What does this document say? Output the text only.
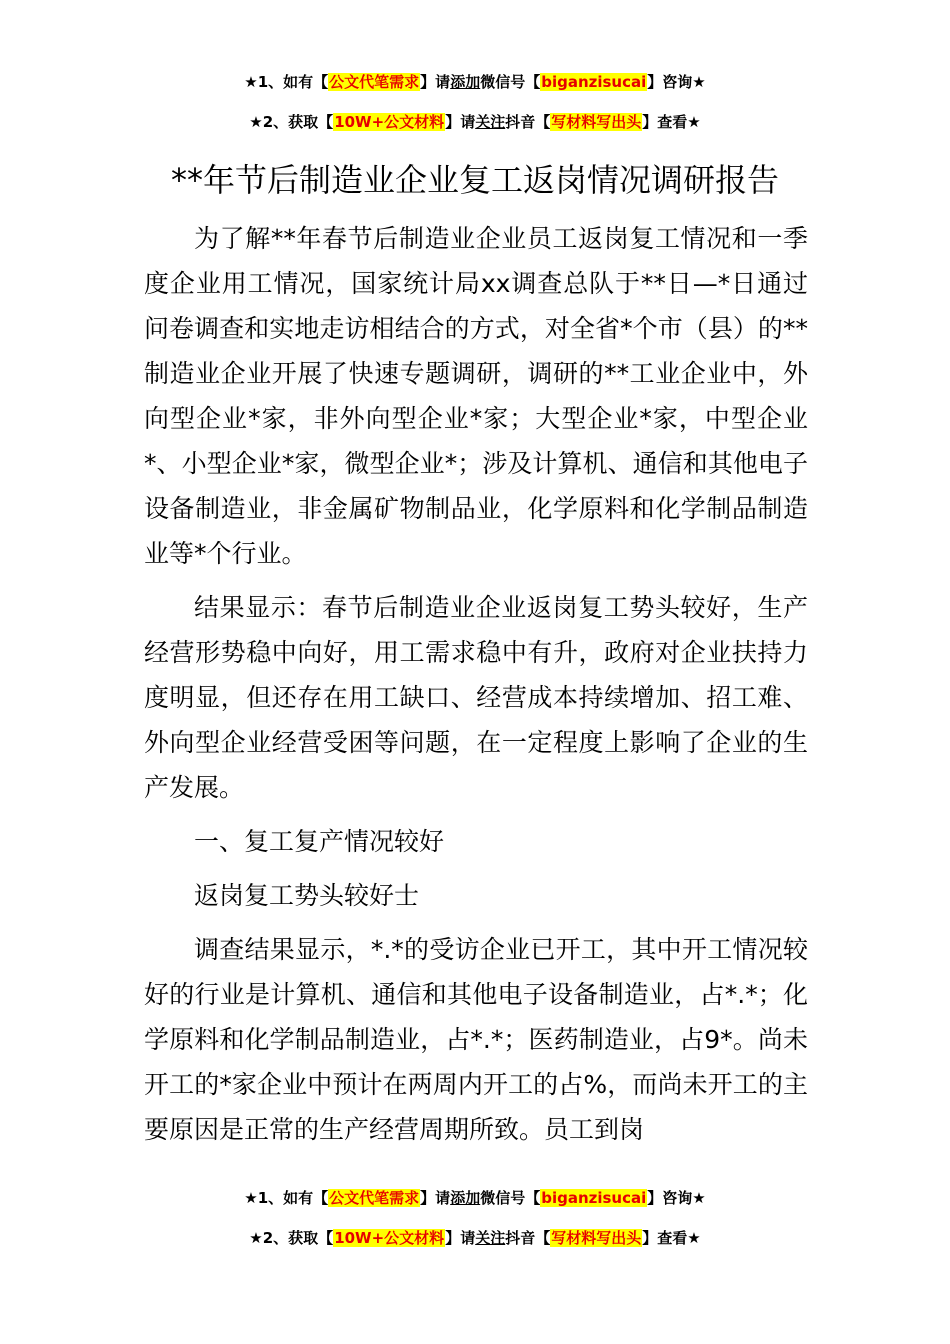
★1、如有【公文代笔需求】请添加微信号【biganzisucai】咨询★
★2、获取【10W+公文材料】请关注抖音【写材料写出头】查看★
**年节后制造业企业复工返岗情况调研报告

为了解**年春节后制造业企业员工返岗复工情况和一季度企业用工情况，国家统计局xx调查总队于**日—*日通过问卷调查和实地走访相结合的方式，对全省*个市（县）的**制造业企业开展了快速专题调研，调研的**工业企业中，外向型企业*家，非外向型企业*家；大型企业*家，中型企业*、小型企业*家，微型企业*；涉及计算机、通信和其他电子设备制造业，非金属矿物制品业，化学原料和化学制品制造业等*个行业。

结果显示：春节后制造业企业返岗复工势头较好，生产经营形势稳中向好，用工需求稳中有升，政府对企业扶持力度明显，但还存在用工缺口、经营成本持续增加、招工难、外向型企业经营受困等问题，在一定程度上影响了企业的生产发展。

一、复工复产情况较好

返岗复工势头较好士

调查结果显示，*.*的受访企业已开工，其中开工情况较好的行业是计算机、通信和其他电子设备制造业，占*.*；化学原料和化学制品制造业，占*.*；医药制造业，占9*。尚未开工的*家企业中预计在两周内开工的占%，而尚未开工的主要原因是正常的生产经营周期所致。员工到岗

★1、如有【公文代笔需求】请添加微信号【biganzisucai】咨询★
★2、获取【10W+公文材料】请关注抖音【写材料写出头】查看★
